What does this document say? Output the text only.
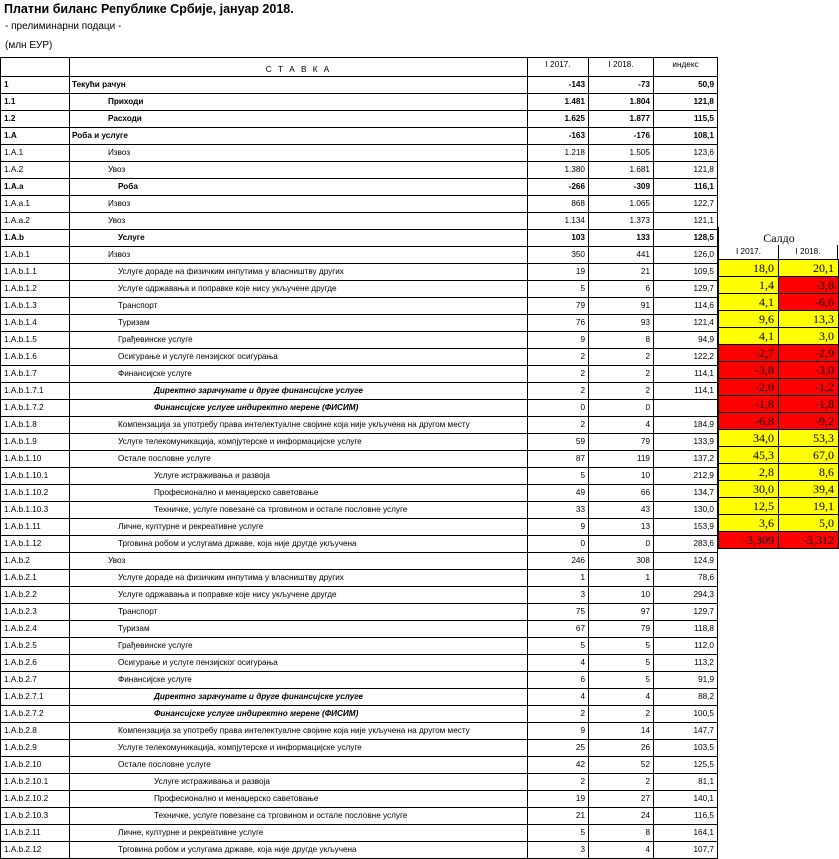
Платни биланс Републике Србије, јануар 2018.
- прелиминарни подаци -
(млн ЕУР)
С Т А В К А
I 2017.	I 2018.	индекс
1	Текући рачун	-143	-73	50,9
1.1	Приходи	1.481	1.804	121,8
1.2	Расходи	1.625	1.877	115,5
1.A	Роба и услуге	-163	-176	108,1
1.A.1	Извоз	1.218	1.505	123,6
1.A.2	Увоз	1.380	1.681	121,8
1.A.a	Роба	-266	-309	116,1
1.A.a.1	Извоз	868	1.065	122,7
1.A.a.2	Увоз	1.134	1.373	121,1
1.A.b	Услуге	103	133	128,5
1.A.b.1	Извоз	350	441	126,0
1.A.b.1.1	Услуге дораде на физичким инпутима у власништву других	19	21	109,5
1.A.b.1.2	Услуге одржавања и поправке које нису укључене другде	5	6	129,7
1.A.b.1.3	Транспорт	79	91	114,6
1.A.b.1.4	Туризам	76	93	121,4
1.A.b.1.5	Грађевинске услуге	9	8	94,9
1.A.b.1.6	Осигурање и услуге пензијског осигурања	2	2	122,2
1.A.b.1.7	Финансијске услуге	2	2	114,1
1.A.b.1.7.1	Директно зарачунате и друге финансијске услуге	2	2	114,1
1.A.b.1.7.2	Финансијске услуге индиректно мерене (ФИСИМ)	0	0
1.A.b.1.8	Компензација за употребу права интелектуалне својине која није укључена на другом месту	2	4	184,9
1.A.b.1.9	Услуге телекомуникација, компјутерске и информацијске услуге	59	79	133,9
1.A.b.1.10	Остале пословне услуге	87	119	137,2
1.A.b.1.10.1	Услуге истраживања и развоја	5	10	212,9
1.A.b.1.10.2	Професионално и менаџерско саветовање	49	66	134,7
1.A.b.1.10.3	Техничке, услуге повезане са трговином и остале пословне услуге	33	43	130,0
1.A.b.1.11	Личне, културне и рекреативне услуге	9	13	153,9
1.A.b.1.12	Трговина робом и услугама државе, која није другде укључена	0	0	283,6
1.A.b.2	Увоз	246	308	124,9
1.A.b.2.1	Услуге дораде на физичким инпутима у власништву других	1	1	78,6
1.A.b.2.2	Услуге одржавања и поправке које нису укључене другде	3	10	294,3
1.A.b.2.3	Транспорт	75	97	129,7
1.A.b.2.4	Туризам	67	79	118,8
1.A.b.2.5	Грађевинске услуге	5	5	112,0
1.A.b.2.6	Осигурање и услуге пензијског осигурања	4	5	113,2
1.A.b.2.7	Финансијске услуге	6	5	91,9
1.A.b.2.7.1	Директно зарачунате и друге финансијске услуге	4	4	88,2
1.A.b.2.7.2	Финансијске услуге индиректно мерене (ФИСИМ)	2	2	100,5
1.A.b.2.8	Компензација за употребу права интелектуалне својине која није укључена на другом месту	9	14	147,7
1.A.b.2.9	Услуге телекомуникација, компјутерске и информацијске услуге	25	26	103,5
1.A.b.2.10	Остале пословне услуге	42	52	125,5
1.A.b.2.10.1	Услуге истраживања и развоја	2	2	81,1
1.A.b.2.10.2	Професионално и менаџерско саветовање	19	27	140,1
1.A.b.2.10.3	Техничке, услуге повезане са трговином и остале пословне услуге	21	24	116,5
1.A.b.2.11	Личне, културне и рекреативне услуге	5	8	164,1
1.A.b.2.12	Трговина робом и услугама државе, која није другде укључена	3	4	107,7
Салдо
I 2017.	I 2018.
18,0	20,1
1,4	-3,8
4,1	-6,6
9,6	13,3
4,1	3,0
-2,7	-2,9
-3,8	-3,0
-2,0	-1,2
-1,8	-1,8
-6,8	-9,2
34,0	53,3
45,3	67,0
2,8	8,6
30,0	39,4
12,5	19,1
3,6	5,0
-3,309	-3,312
